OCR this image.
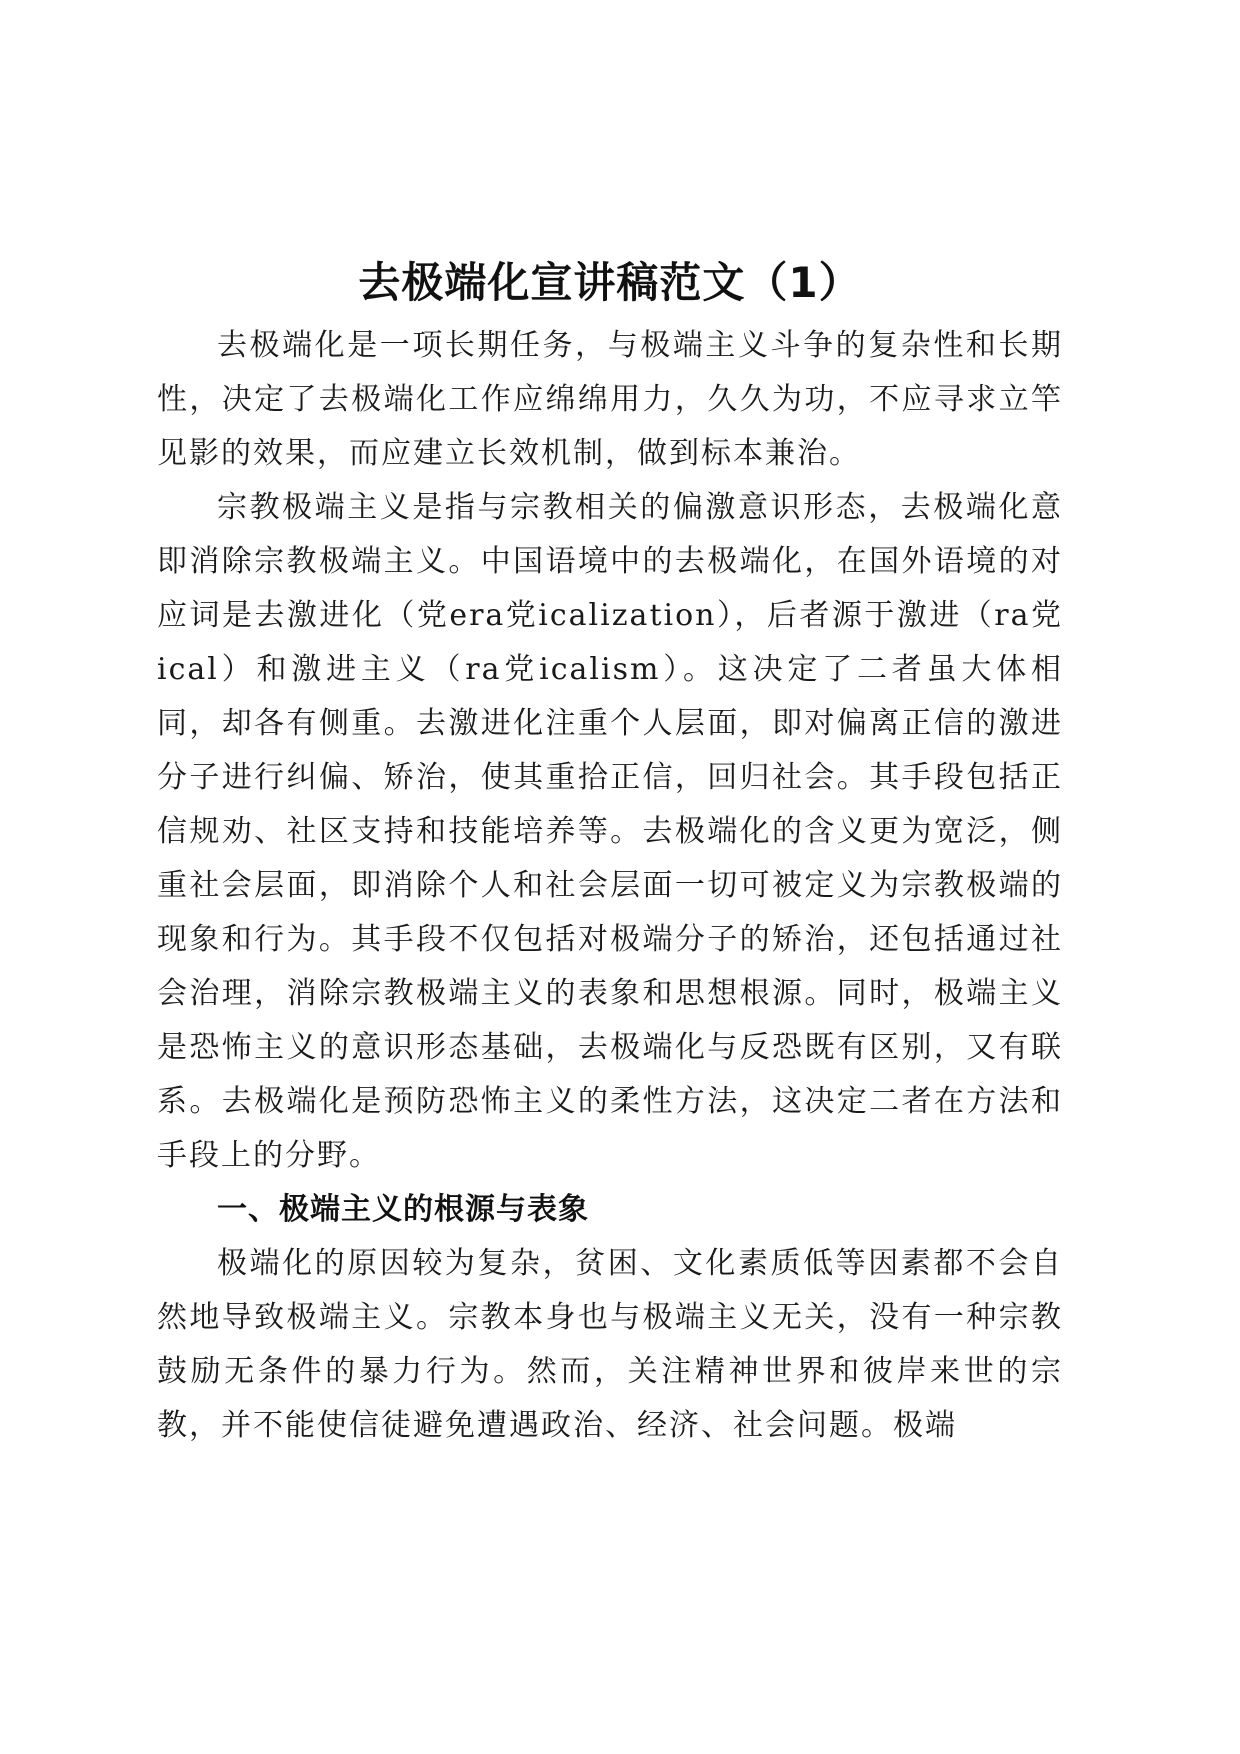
去极端化宣讲稿范文（1）

去极端化是一项长期任务，与极端主义斗争的复杂性和长期性，决定了去极端化工作应绵绵用力，久久为功，不应寻求立竿见影的效果，而应建立长效机制，做到标本兼治。

宗教极端主义是指与宗教相关的偏激意识形态，去极端化意即消除宗教极端主义。中国语境中的去极端化，在国外语境的对应词是去激进化（党era党icalization），后者源于激进（ra党ical）和激进主义（ra党icalism）。这决定了二者虽大体相同，却各有侧重。去激进化注重个人层面，即对偏离正信的激进分子进行纠偏、矫治，使其重拾正信，回归社会。其手段包括正信规劝、社区支持和技能培养等。去极端化的含义更为宽泛，侧重社会层面，即消除个人和社会层面一切可被定义为宗教极端的现象和行为。其手段不仅包括对极端分子的矫治，还包括通过社会治理，消除宗教极端主义的表象和思想根源。同时，极端主义是恐怖主义的意识形态基础，去极端化与反恐既有区别，又有联系。去极端化是预防恐怖主义的柔性方法，这决定二者在方法和手段上的分野。

一、极端主义的根源与表象

极端化的原因较为复杂，贫困、文化素质低等因素都不会自然地导致极端主义。宗教本身也与极端主义无关，没有一种宗教鼓励无条件的暴力行为。然而，关注精神世界和彼岸来世的宗教，并不能使信徒避免遭遇政治、经济、社会问题。极端
